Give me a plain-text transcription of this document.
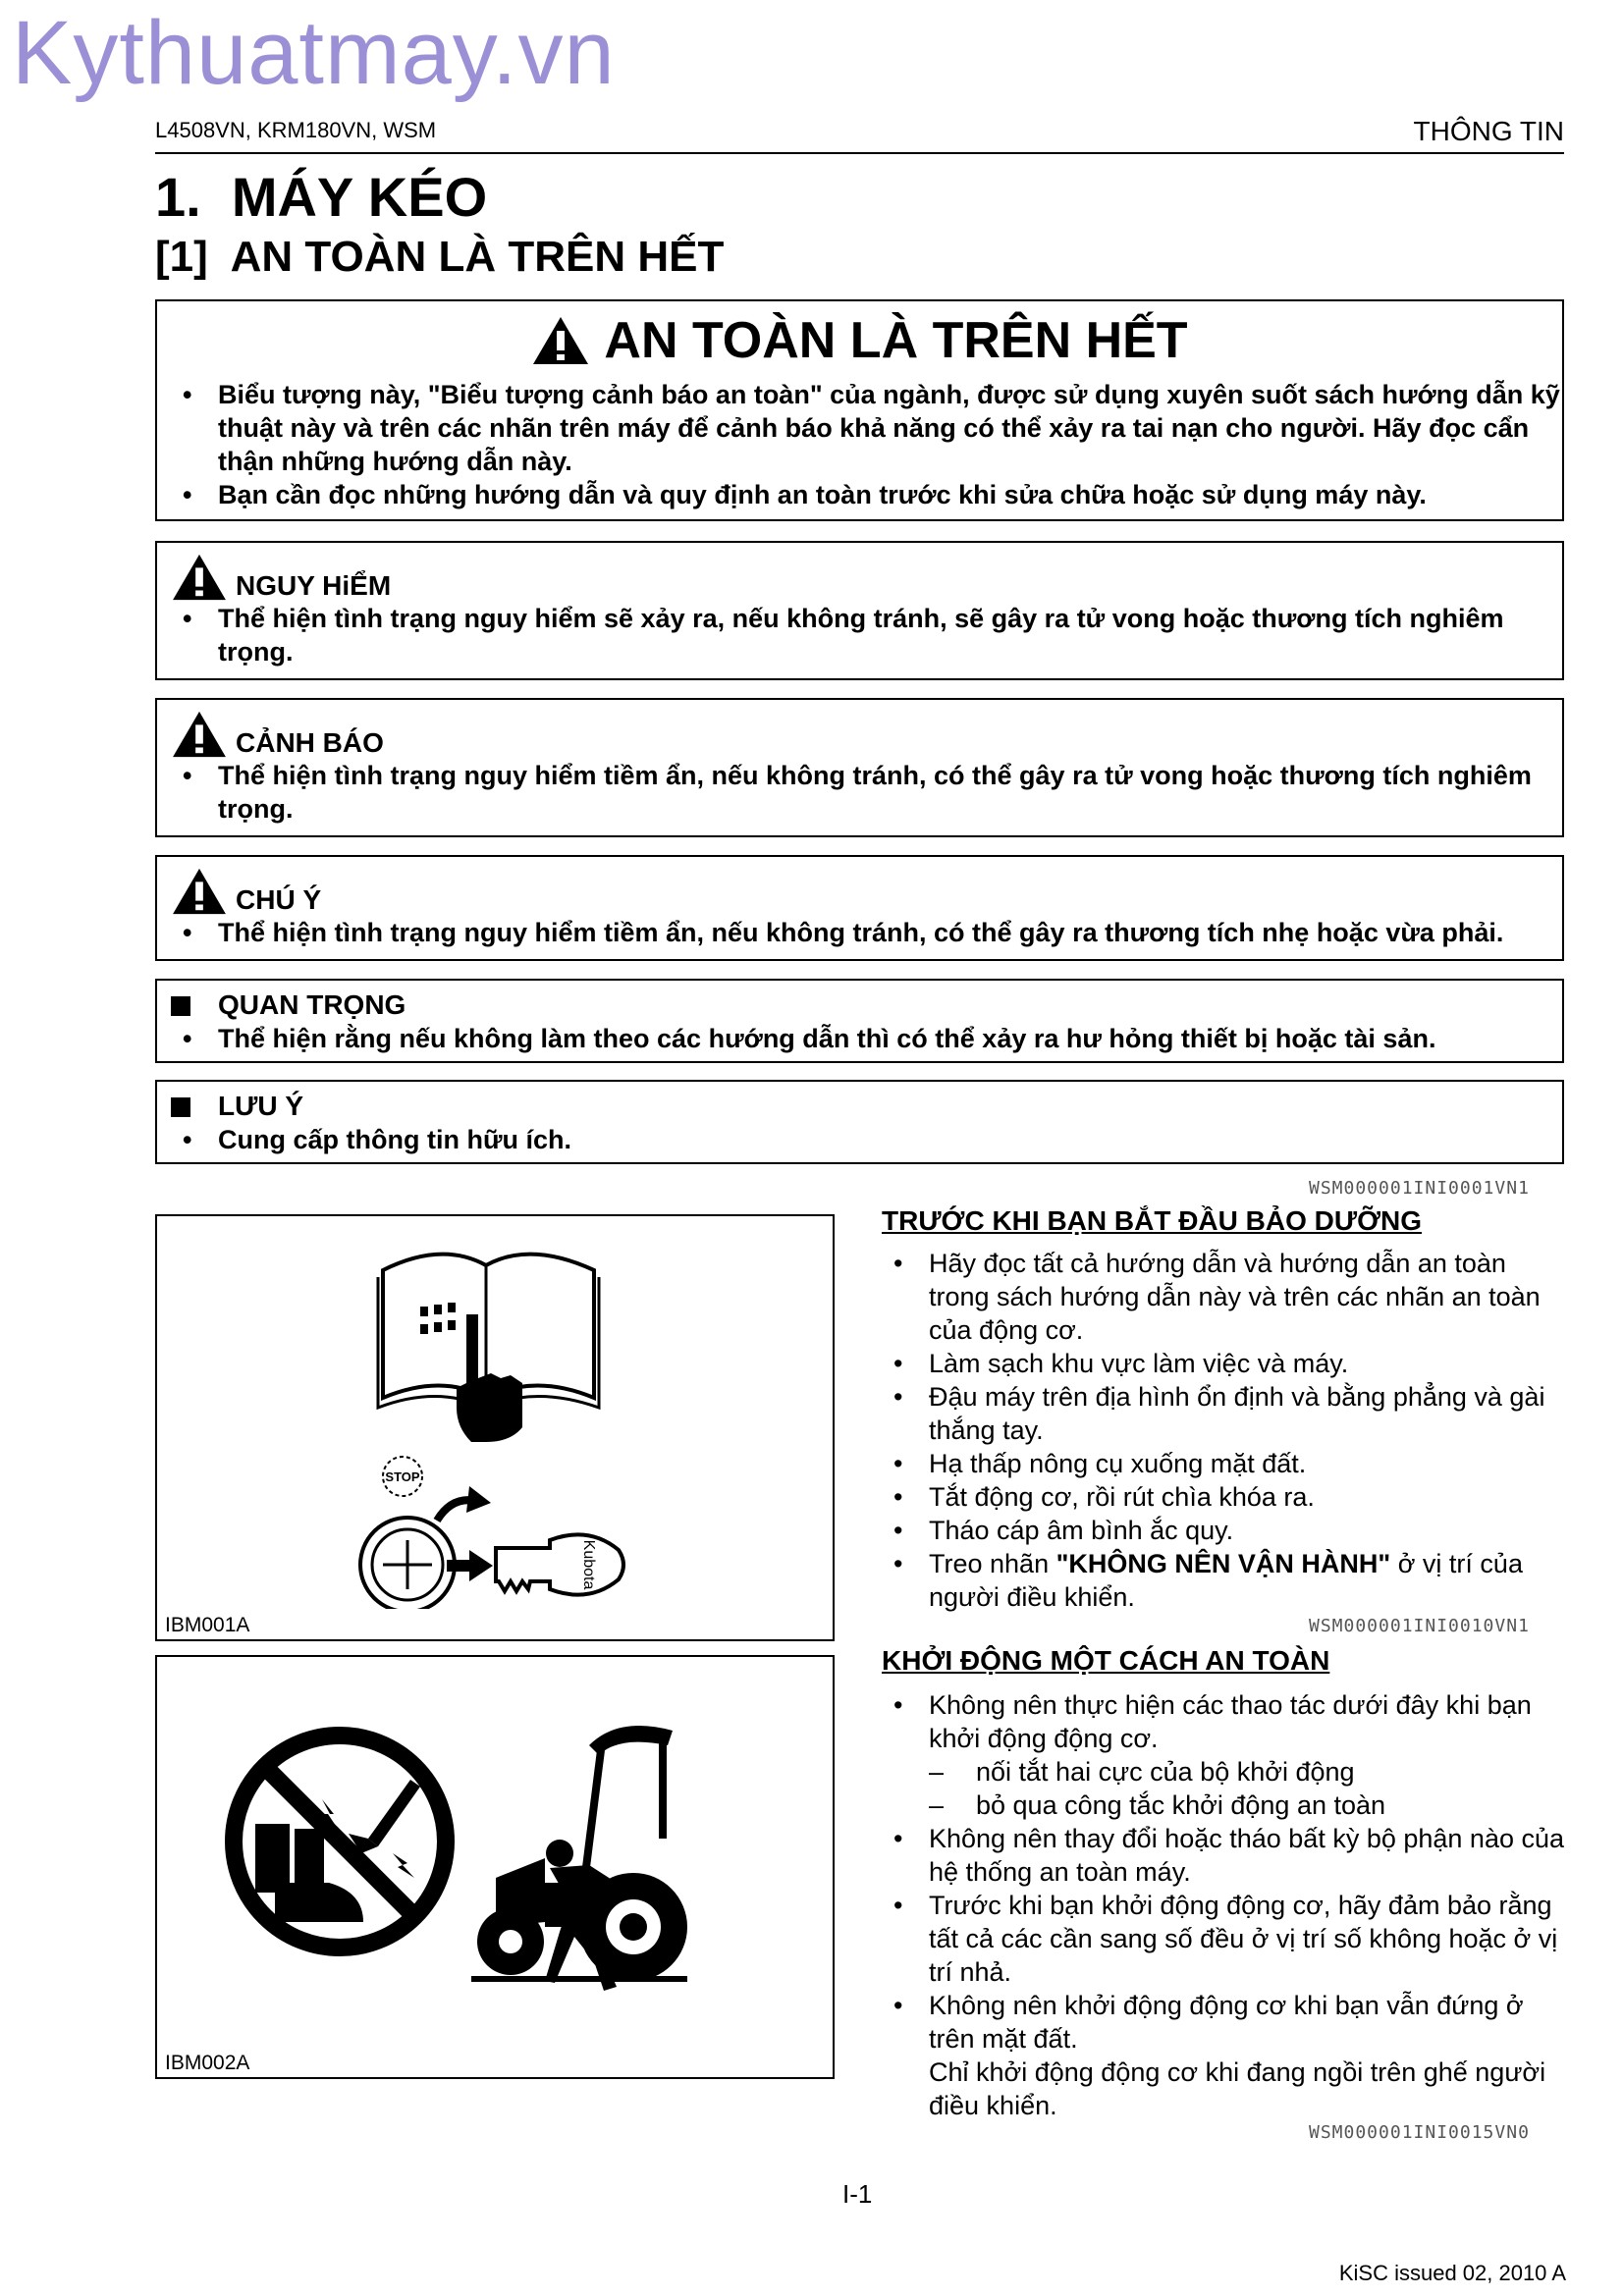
Kythuatmay.vn
L4508VN, KRM180VN, WSM	THÔNG TIN
1.  MÁY KÉO
[1]  AN TOÀN LÀ TRÊN HẾT
AN TOÀN LÀ TRÊN HẾT
• Biểu tượng này, "Biểu tượng cảnh báo an toàn" của ngành, được sử dụng xuyên suốt sách hướng dẫn kỹ thuật này và trên các nhãn trên máy để cảnh báo khả năng có thể xảy ra tai nạn cho người. Hãy đọc cẩn thận những hướng dẫn này.
• Bạn cần đọc những hướng dẫn và quy định an toàn trước khi sửa chữa hoặc sử dụng máy này.
NGUY HiỂM
• Thể hiện tình trạng nguy hiểm sẽ xảy ra, nếu không tránh, sẽ gây ra tử vong hoặc thương tích nghiêm trọng.
CẢNH BÁO
• Thể hiện tình trạng nguy hiểm tiềm ẩn, nếu không tránh, có thể gây ra tử vong hoặc thương tích nghiêm trọng.
CHÚ Ý
• Thể hiện tình trạng nguy hiểm tiềm ẩn, nếu không tránh, có thể gây ra thương tích nhẹ hoặc vừa phải.
QUAN TRỌNG
• Thể hiện rằng nếu không làm theo các hướng dẫn thì có thể xảy ra hư hỏng thiết bị hoặc tài sản.
LƯU Ý
• Cung cấp thông tin hữu ích.
WSM000001INI0001VN1
STOP
Kubota
IBM001A
IBM002A
TRƯỚC KHI BẠN BẮT ĐẦU BẢO DƯỠNG
• Hãy đọc tất cả hướng dẫn và hướng dẫn an toàn trong sách hướng dẫn này và trên các nhãn an toàn của động cơ.
• Làm sạch khu vực làm việc và máy.
• Đậu máy trên địa hình ổn định và bằng phẳng và gài thắng tay.
• Hạ thấp nông cụ xuống mặt đất.
• Tắt động cơ, rồi rút chìa khóa ra.
• Tháo cáp âm bình ắc quy.
• Treo nhãn "KHÔNG NÊN VẬN HÀNH" ở vị trí của người điều khiển.
WSM000001INI0010VN1
KHỞI ĐỘNG MỘT CÁCH AN TOÀN
• Không nên thực hiện các thao tác dưới đây khi bạn khởi động động cơ.
– nối tắt hai cực của bộ khởi động
– bỏ qua công tắc khởi động an toàn
• Không nên thay đổi hoặc tháo bất kỳ bộ phận nào của hệ thống an toàn máy.
• Trước khi bạn khởi động động cơ, hãy đảm bảo rằng tất cả các cần sang số đều ở vị trí số không hoặc ở vị trí nhả.
• Không nên khởi động động cơ khi bạn vẫn đứng ở trên mặt đất.
Chỉ khởi động động cơ khi đang ngồi trên ghế người điều khiển.
WSM000001INI0015VN0
I-1
KiSC issued 02, 2010 A
